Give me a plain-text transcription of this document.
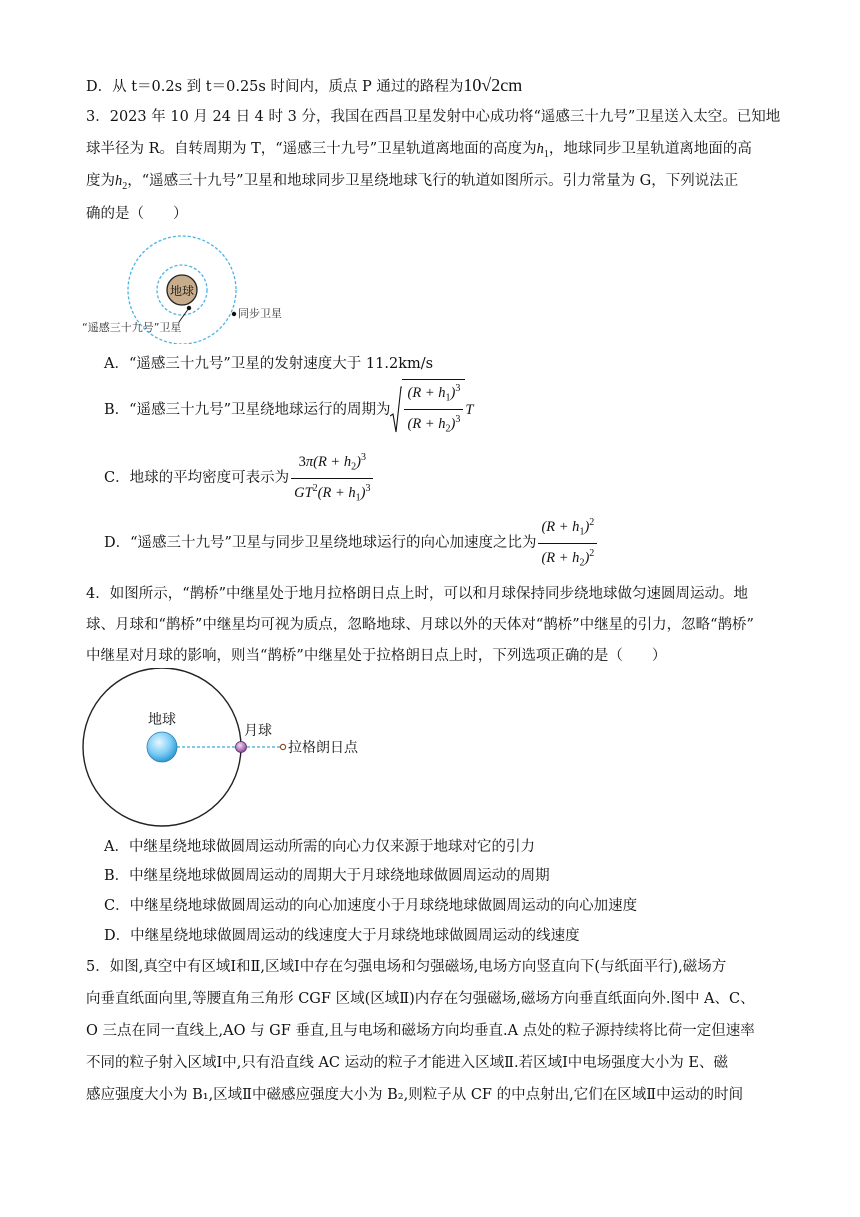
D．从 t＝0.2s 到 t＝0.25s 时间内，质点 P 通过的路程为10√2cm
3．2023 年 10 月 24 日 4 时 3 分，我国在西昌卫星发射中心成功将“遥感三十九号”卫星送入太空。已知地
球半径为 R。自转周期为 T，“遥感三十九号”卫星轨道离地面的高度为$h_1$，地球同步卫星轨道离地面的高
度为$h_2$，“遥感三十九号”卫星和地球同步卫星绕地球飞行的轨道如图所示。引力常量为 G，下列说法正
确的是（　　）
地球
同步卫星
“遥感三十九号”卫星
A．“遥感三十九号”卫星的发射速度大于 11.2km/s
B．“遥感三十九号”卫星绕地球运行的周期为 $\frac{(R + h_1)^3}{(R + h_2)^3}$ T
C．地球的平均密度可表示为 $\frac{3\pi(R + h_2)^3}{GT^2(R + h_1)^3}$
D．“遥感三十九号”卫星与同步卫星绕地球运行的向心加速度之比为 $\frac{(R + h_1)^2}{(R + h_2)^2}$
4．如图所示，“鹊桥”中继星处于地月拉格朗日点上时，可以和月球保持同步绕地球做匀速圆周运动。地
球、月球和“鹊桥”中继星均可视为质点，忽略地球、月球以外的天体对“鹊桥”中继星的引力，忽略“鹊桥”
中继星对月球的影响，则当“鹊桥”中继星处于拉格朗日点上时，下列选项正确的是（　　）
地球
月球
拉格朗日点
A．中继星绕地球做圆周运动所需的向心力仅来源于地球对它的引力
B．中继星绕地球做圆周运动的周期大于月球绕地球做圆周运动的周期
C．中继星绕地球做圆周运动的向心加速度小于月球绕地球做圆周运动的向心加速度
D．中继星绕地球做圆周运动的线速度大于月球绕地球做圆周运动的线速度
5．如图,真空中有区域Ⅰ和Ⅱ,区域Ⅰ中存在匀强电场和匀强磁场,电场方向竖直向下(与纸面平行),磁场方
向垂直纸面向里,等腰直角三角形 CGF 区域(区域Ⅱ)内存在匀强磁场,磁场方向垂直纸面向外.图中 A、C、
O 三点在同一直线上,AO 与 GF 垂直,且与电场和磁场方向均垂直.A 点处的粒子源持续将比荷一定但速率
不同的粒子射入区域Ⅰ中,只有沿直线 AC 运动的粒子才能进入区域Ⅱ.若区域Ⅰ中电场强度大小为 E、磁
感应强度大小为 B₁,区域Ⅱ中磁感应强度大小为 B₂,则粒子从 CF 的中点射出,它们在区域Ⅱ中运动的时间
